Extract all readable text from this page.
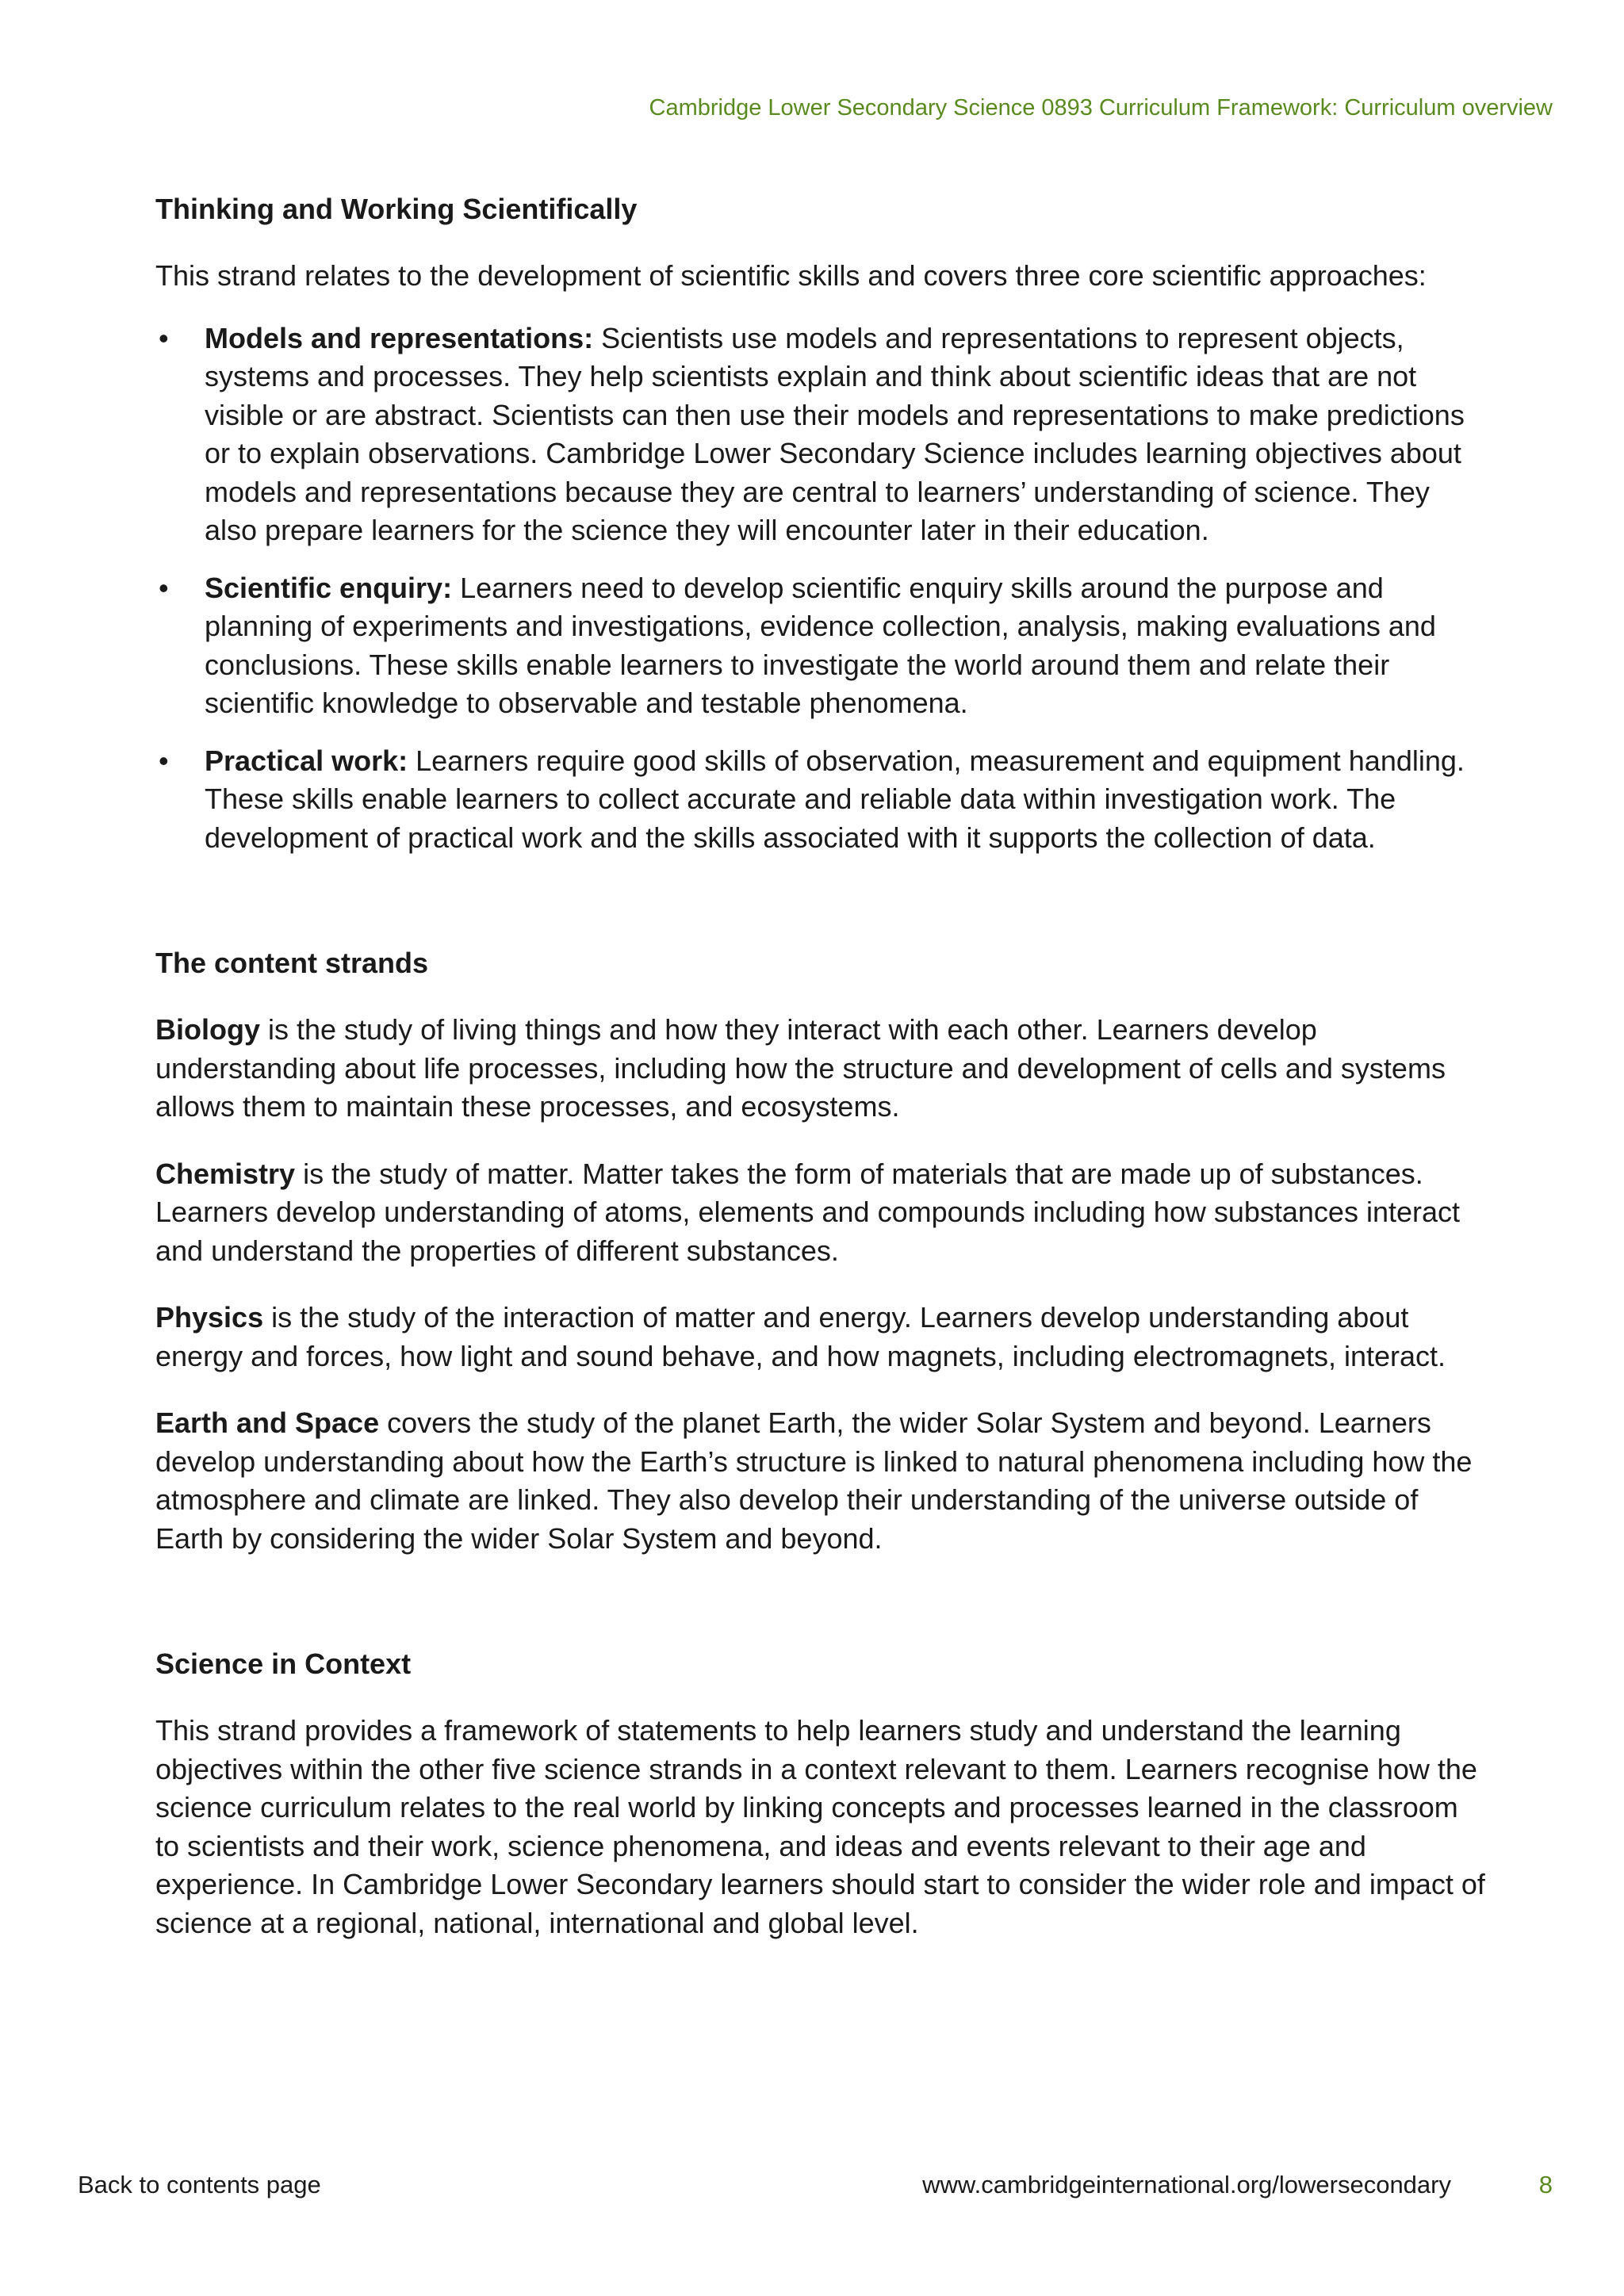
Cambridge Lower Secondary Science 0893 Curriculum Framework: Curriculum overview
Thinking and Working Scientifically

This strand relates to the development of scientific skills and covers three core scientific approaches:

• Models and representations: Scientists use models and representations to represent objects, systems and processes. They help scientists explain and think about scientific ideas that are not visible or are abstract. Scientists can then use their models and representations to make predictions or to explain observations. Cambridge Lower Secondary Science includes learning objectives about models and representations because they are central to learners’ understanding of science. They also prepare learners for the science they will encounter later in their education.
• Scientific enquiry: Learners need to develop scientific enquiry skills around the purpose and planning of experiments and investigations, evidence collection, analysis, making evaluations and conclusions. These skills enable learners to investigate the world around them and relate their scientific knowledge to observable and testable phenomena.
• Practical work: Learners require good skills of observation, measurement and equipment handling. These skills enable learners to collect accurate and reliable data within investigation work. The development of practical work and the skills associated with it supports the collection of data.
The content strands

Biology is the study of living things and how they interact with each other. Learners develop understanding about life processes, including how the structure and development of cells and systems allows them to maintain these processes, and ecosystems.

Chemistry is the study of matter. Matter takes the form of materials that are made up of substances. Learners develop understanding of atoms, elements and compounds including how substances interact and understand the properties of different substances.

Physics is the study of the interaction of matter and energy. Learners develop understanding about energy and forces, how light and sound behave, and how magnets, including electromagnets, interact.

Earth and Space covers the study of the planet Earth, the wider Solar System and beyond. Learners develop understanding about how the Earth’s structure is linked to natural phenomena including how the atmosphere and climate are linked. They also develop their understanding of the universe outside of Earth by considering the wider Solar System and beyond.

Science in Context

This strand provides a framework of statements to help learners study and understand the learning objectives within the other five science strands in a context relevant to them. Learners recognise how the science curriculum relates to the real world by linking concepts and processes learned in the classroom to scientists and their work, science phenomena, and ideas and events relevant to their age and experience. In Cambridge Lower Secondary learners should start to consider the wider role and impact of science at a regional, national, international and global level.

Back to contents page	www.cambridgeinternational.org/lowersecondary	8
